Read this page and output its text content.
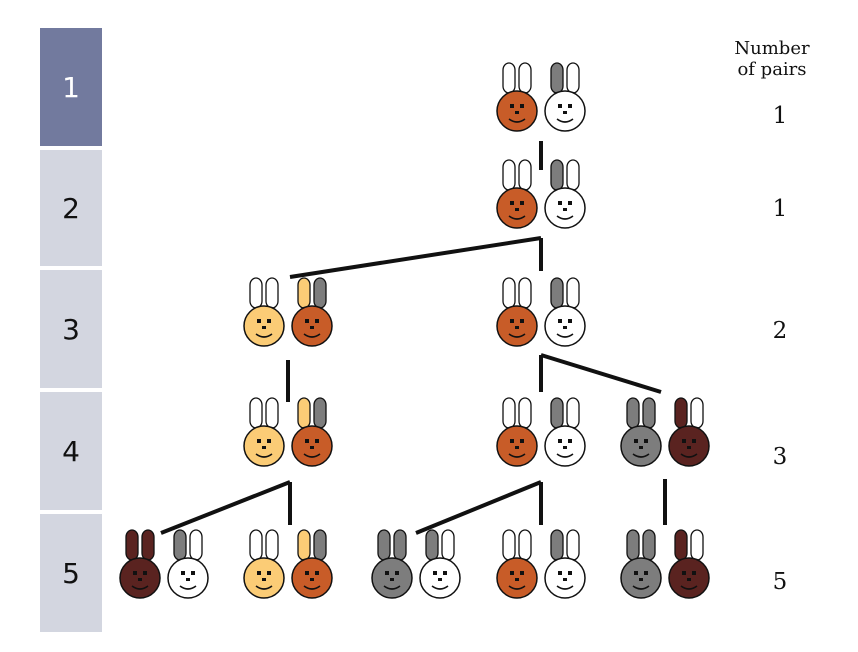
1
2
3
4
5
Number
of pairs
1
1
2
3
5
